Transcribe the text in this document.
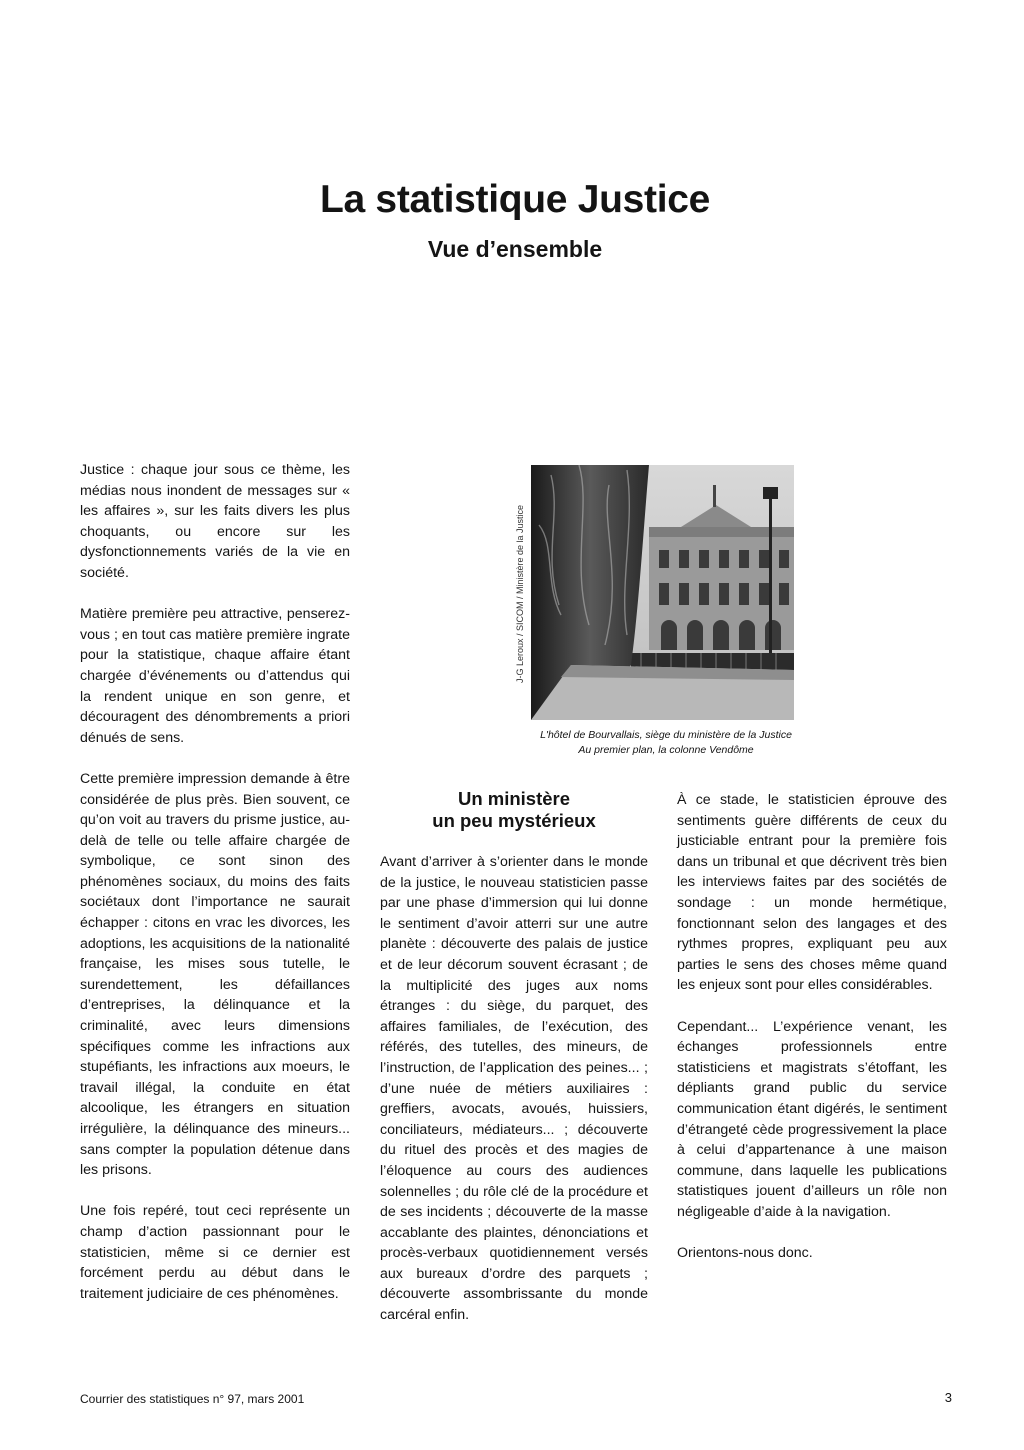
La statistique Justice
Vue d’ensemble

Justice : chaque jour sous ce thème, les médias nous inondent de messages sur « les affaires », sur les faits divers les plus choquants, ou encore sur les dysfonctionnements variés de la vie en société.

Matière première peu attractive, penserez-vous ; en tout cas matière première ingrate pour la statistique, chaque affaire étant chargée d’événements ou d’attendus qui la rendent unique en son genre, et découragent des dénombrements a priori dénués de sens.

Cette première impression demande à être considérée de plus près. Bien souvent, ce qu’on voit au travers du prisme justice, au-delà de telle ou telle affaire chargée de symbolique, ce sont sinon des phénomènes sociaux, du moins des faits sociétaux dont l’importance ne saurait échapper : citons en vrac les divorces, les adoptions, les acquisitions de la nationalité française, les mises sous tutelle, le surendettement, les défaillances d’entreprises, la délinquance et la criminalité, avec leurs dimensions spécifiques comme les infractions aux stupéfiants, les infractions aux moeurs, le travail illégal, la conduite en état alcoolique, les étrangers en situation irrégulière, la délinquance des mineurs... sans compter la population détenue dans les prisons.

Une fois repéré, tout ceci représente un champ d’action passionnant pour le statisticien, même si ce dernier est forcément perdu au début dans le traitement judiciaire de ces phénomènes.

J-G Leroux / SICOM / Ministère de la Justice
L'hôtel de Bourvallais, siège du ministère de la Justice
Au premier plan, la colonne Vendôme
Un ministère
un peu mystérieux

Avant d’arriver à s’orienter dans le monde de la justice, le nouveau statisticien passe par une phase d’immersion qui lui donne le sentiment d’avoir atterri sur une autre planète : découverte des palais de justice et de leur décorum souvent écrasant ; de la multiplicité des juges aux noms étranges : du siège, du parquet, des affaires familiales, de l’exécution, des référés, des tutelles, des mineurs, de l’instruction, de l’application des peines... ; d’une nuée de métiers auxiliaires : greffiers, avocats, avoués, huissiers, conciliateurs, médiateurs... ; découverte du rituel des procès et des magies de l’éloquence au cours des audiences solennelles ; du rôle clé de la procédure et de ses incidents ; découverte de la masse accablante des plaintes, dénonciations et procès-verbaux quotidiennement versés aux bureaux d’ordre des parquets ; découverte assombrissante du monde carcéral enfin.

À ce stade, le statisticien éprouve des sentiments guère différents de ceux du justiciable entrant pour la première fois dans un tribunal et que décrivent très bien les interviews faites par des sociétés de sondage : un monde hermétique, fonctionnant selon des langages et des rythmes propres, expliquant peu aux parties le sens des choses même quand les enjeux sont pour elles considérables.

Cependant... L’expérience venant, les échanges professionnels entre statisticiens et magistrats s’étoffant, les dépliants grand public du service communication étant digérés, le sentiment d’étrangeté cède progressivement la place à celui d’appartenance à une maison commune, dans laquelle les publications statistiques jouent d’ailleurs un rôle non négligeable d’aide à la navigation.

Orientons-nous donc.

Courrier des statistiques n° 97, mars 2001	3
